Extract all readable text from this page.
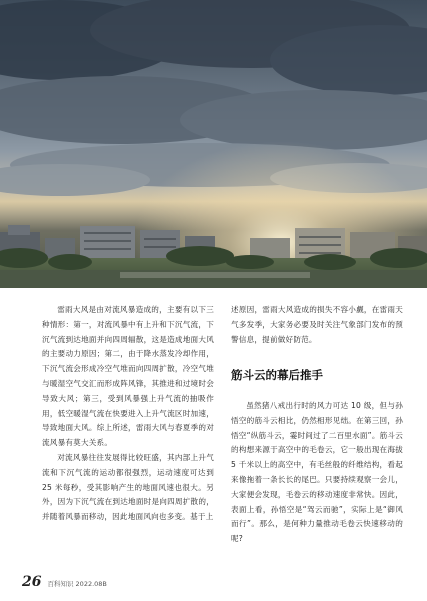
雷雨大风是由对流风暴造成的，主要有以下三种情形：第一，对流风暴中有上升和下沉气流，下沉气流到达地面并向四周辐散，这是造成地面大风的主要动力原因；第二，由于降水蒸发冷却作用，下沉气流会形成冷空气堆而向四周扩散，冷空气堆与暖湿空气交汇而形成阵风锋，其推进和过境时会导致大风；第三，受到风暴强上升气流的抽吸作用，低空暖湿气流在快要进入上升气流区时加速，导致地面大风。综上所述，雷雨大风与春夏季的对流风暴有莫大关系。

对流风暴往往发展得比较旺盛，其内部上升气流和下沉气流的运动都很强烈，运动速度可达到 25 米每秒，受其影响产生的地面风速也很大。另外，因为下沉气流在到达地面时是向四周扩散的，并随着风暴而移动，因此地面风向也多变。基于上

述原因，雷雨大风造成的损失不容小觑，在雷雨天气多发季，大家务必要及时关注气象部门发布的预警信息，提前做好防范。

虽然猪八戒出行时的风力可达 10 级，但与孙悟空的筋斗云相比，仍然相形见绌。在第三回，孙悟空“纵筋斗云，霎时间过了二百里水面”。筋斗云的构想来源于高空中的毛卷云，它一般出现在海拔 5 千米以上的高空中，有毛丝般的纤维结构，看起来像拖着一条长长的尾巴。只要持续观察一会儿，大家便会发现，毛卷云的移动速度非常快。因此，表面上看，孙悟空是“驾云而驰”，实际上是“御风而行”。那么，是何种力量推动毛卷云快速移动的呢?

筋斗云的幕后推手
26 百科知识 2022.08B
